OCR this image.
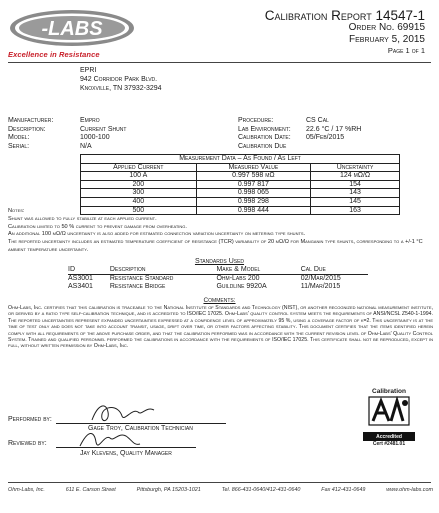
-LABS
Excellence in Resistance
Calibration Report 14547-1
Order No. 69915
February 5, 2015
Page 1 of 1
EPRI
942 Corridor Park Blvd.
Knoxville, TN 37932-3294
Manufacturer:	Empro
Description:	Current Shunt
Model:	1000-100
Serial:	N/A
Procedure:	CS Cal
Lab Environment:	22.6 °C / 17 %RH
Calibration Date:	05/Feb/2015
Calibration Due
Measurement Data – As Found / As Left		
Applied Current	Measured Value	Uncertainty
100 A	0.997 598 mΩ	124 µΩ/Ω
200	0.997 817	154
300	0.998 065	143
400	0.998 298	145
500	0.998 444	163
Notes:
Shunt was allowed to fully stabilize at each applied current.
Calibration limited to 50 % current to prevent damage from overheating.
An additional 100 µΩ/Ω uncertainty is also added for estimated connection variation uncertainty on metering type shunts.
The reported uncertainty includes an estimated temperature coefficient of resistance (TCR) variability of 20 µΩ/Ω for Manganin type shunts, corresponding to a +/-1 °C ambient temperature uncertainty.
Standards Used
ID	Description	Make & Model	Cal Due
AS3001	Resistance Standard	Ohm-Labs 200	02/Mar/2015
AS3401	Resistance Bridge	Guildline 9920A	11/Mar/2015
Comments:
Ohm-Labs, Inc. certifies that this calibration is traceable to the National Institute of Standards and Technology (NIST), or another recognized national measurement institute, or derived by a ratio type self-calibration technique, and is accredited to ISO/IEC 17025. Ohm-Labs' quality control system meets the requirements of ANSI/NCSL Z540-1-1994. The reported uncertainties represent expanded uncertainties expressed at a confidence level of approximately 95 %, using a coverage factor of k=2. This uncertainty is at the time of test only and does not take into account transit, usage, drift over time, or other factors affecting stability. This document certifies that the items identified herein comply with all requirements of the above purchase order, and that the calibration performed was in accordance with the current revision level of Ohm-Labs' Quality Control System. Trained and qualified personnel performed the calibrations in accordance with the requirements of ISO/IEC 17025. This certificate shall not be reproduced, except in full, without written permission by Ohm-Labs, Inc.
Performed by:
Gage Troy, Calibration Technician
Reviewed by:
Jay Klevens, Quality Manager
Calibration
Accredited
Cert #2481.01
Ohm-Labs, Inc.	611 E. Carson Street	Pittsburgh, PA 15203-1021	Tel. 866-431-0640/412-431-0640	Fax 412-431-0649	www.ohm-labs.com
